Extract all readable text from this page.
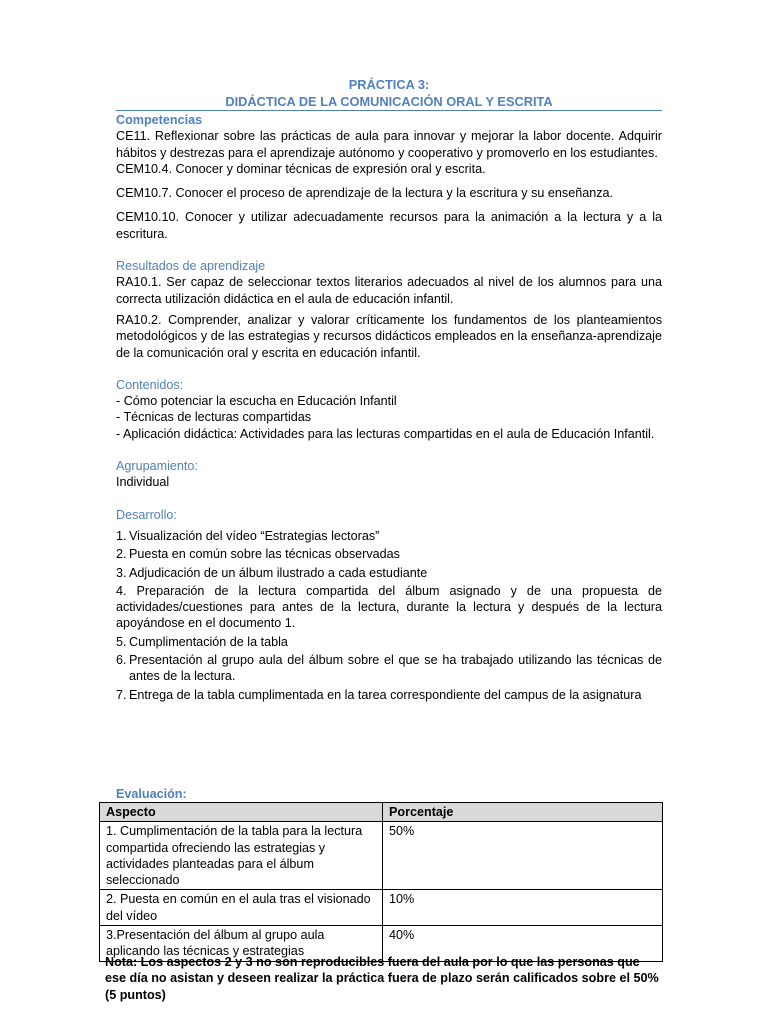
PRÁCTICA 3:
DIDÁCTICA DE LA COMUNICACIÓN ORAL Y ESCRITA
Competencias

CE11. Reflexionar sobre las prácticas de aula para innovar y mejorar la labor docente. Adquirir hábitos y destrezas para el aprendizaje autónomo y cooperativo y promoverlo en los estudiantes.

CEM10.4. Conocer y dominar técnicas de expresión oral y escrita.

CEM10.7. Conocer el proceso de aprendizaje de la lectura y la escritura y su enseñanza.

CEM10.10. Conocer y utilizar adecuadamente recursos para la animación a la lectura y a la escritura.

Resultados de aprendizaje

RA10.1. Ser capaz de seleccionar textos literarios adecuados al nivel de los alumnos para una correcta utilización didáctica en el aula de educación infantil.

RA10.2. Comprender, analizar y valorar críticamente los fundamentos de los planteamientos metodológicos y de las estrategias y recursos didácticos empleados en la enseñanza-aprendizaje de la comunicación oral y escrita en educación infantil.

Contenidos:
- Cómo potenciar la escucha en Educación Infantil
- Técnicas de lecturas compartidas
- Aplicación didáctica: Actividades para las lecturas compartidas en el aula de Educación Infantil.
Agrupamiento:

Individual

Desarrollo:
1. Visualización del vídeo “Estrategias lectoras”
2. Puesta en común sobre las técnicas observadas
3. Adjudicación de un álbum ilustrado a cada estudiante
4. Preparación de la lectura compartida del álbum asignado y de una propuesta de actividades/cuestiones para antes de la lectura, durante la lectura y después de la lectura apoyándose en el documento 1.
5. Cumplimentación de la tabla
6. Presentación al grupo aula del álbum sobre el que se ha trabajado utilizando las técnicas de antes de la lectura.
7. Entrega de la tabla cumplimentada en la tarea correspondiente del campus de la asignatura
Evaluación:
Aspecto	Porcentaje
1. Cumplimentación de la tabla para la lectura compartida ofreciendo las estrategias y actividades planteadas para el álbum seleccionado	50%
2. Puesta en común en el aula tras el visionado del vídeo	10%
3.Presentación del álbum al grupo aula aplicando las técnicas y estrategias	40%

Nota: Los aspectos 2 y 3 no son reproducibles fuera del aula por lo que las personas que ese día no asistan y deseen realizar la práctica fuera de plazo serán calificados sobre el 50% (5 puntos)
